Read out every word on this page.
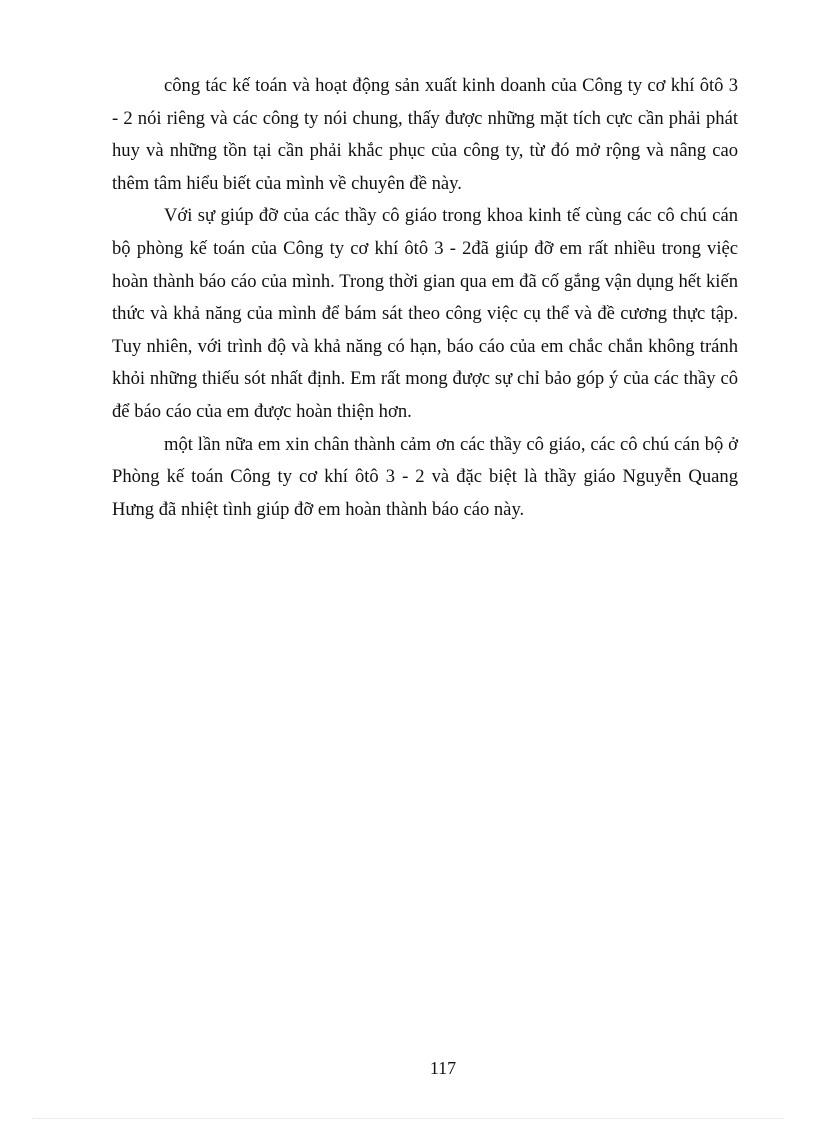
công tác kế toán và hoạt động sản xuất kinh doanh của Công ty cơ khí ôtô 3 - 2 nói riêng và các công ty nói chung, thấy được những mặt tích cực cần phải phát huy và những tồn tại cần phải khắc phục của công ty, từ đó mở rộng và nâng cao thêm tâm hiểu biết của mình về chuyên đề này.

Với sự giúp đỡ của các thầy cô giáo trong khoa kinh tế cùng các cô chú cán bộ phòng kế toán của Công ty cơ khí ôtô 3 - 2đã giúp đỡ em rất nhiều trong việc hoàn thành báo cáo của mình. Trong thời gian qua em đã cố gắng vận dụng hết kiến thức và khả năng của mình để bám sát theo công việc cụ thể và đề cương thực tập. Tuy nhiên, với trình độ và khả năng có hạn, báo cáo của em chắc chắn không tránh khỏi những thiếu sót nhất định. Em rất mong được sự chỉ bảo góp ý của các thầy cô để báo cáo của em được hoàn thiện hơn.

một lần nữa em xin chân thành cảm ơn các thầy cô giáo, các cô chú cán bộ ở Phòng kế toán Công ty cơ khí ôtô 3 - 2 và đặc biệt là thầy giáo Nguyễn Quang Hưng đã nhiệt tình giúp đỡ em hoàn thành báo cáo này.

117
